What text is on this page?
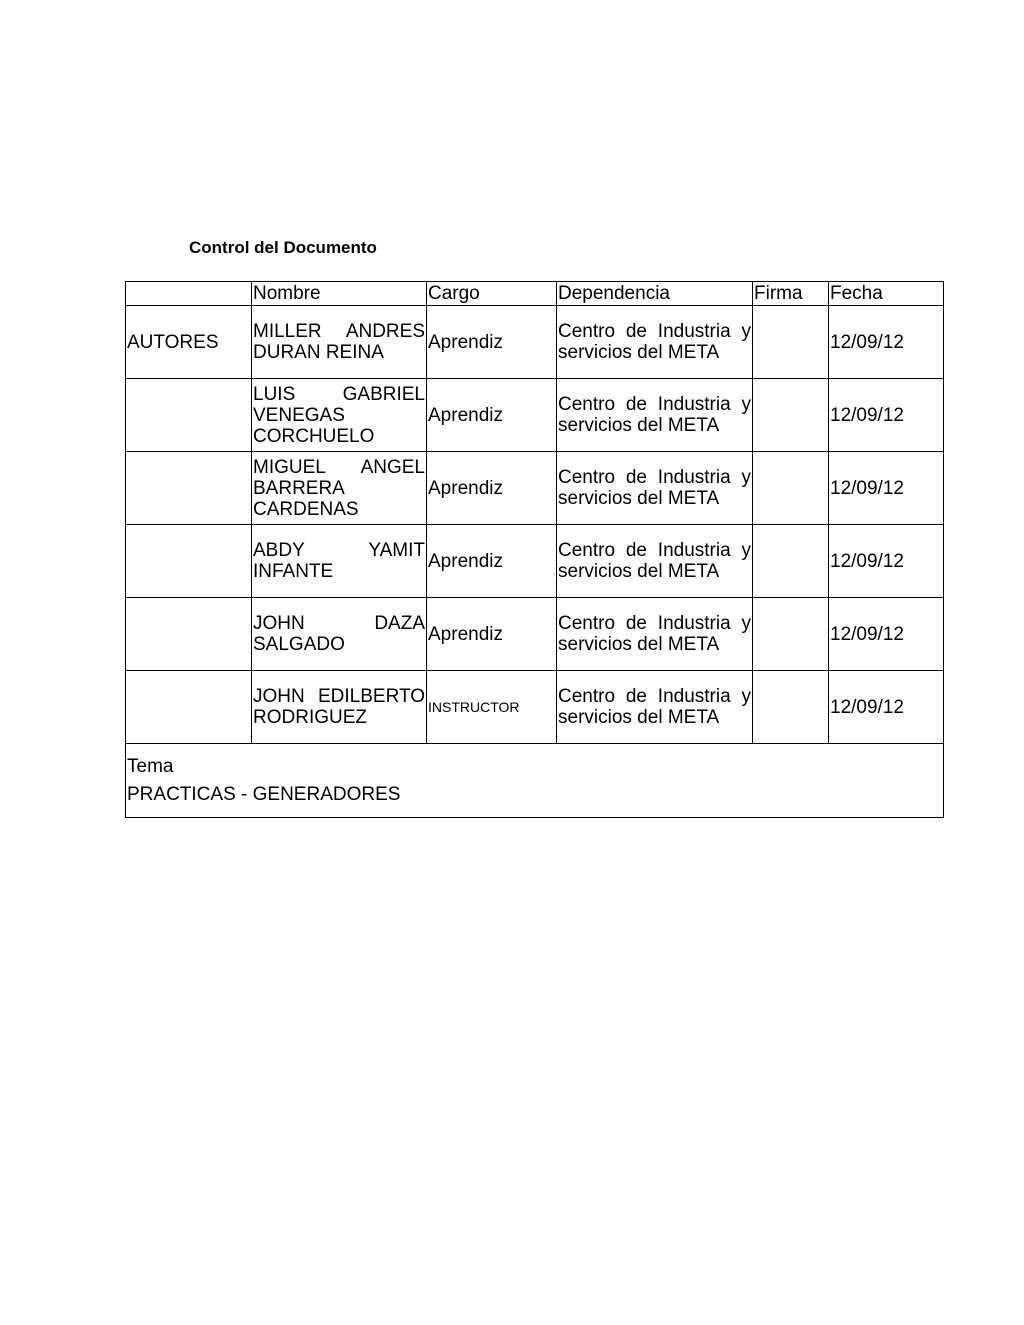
Control del Documento
	Nombre	Cargo	Dependencia	Firma	Fecha
AUTORES	MILLER ANDRES DURAN REINA	Aprendiz	Centro de Industria y servicios del META		12/09/12
	LUIS GABRIEL VENEGAS CORCHUELO	Aprendiz	Centro de Industria y servicios del META		12/09/12
	MIGUEL ANGEL BARRERA CARDENAS	Aprendiz	Centro de Industria y servicios del META		12/09/12
	ABDY YAMIT INFANTE	Aprendiz	Centro de Industria y servicios del META		12/09/12
	JOHN DAZA SALGADO	Aprendiz	Centro de Industria y servicios del META		12/09/12
	JOHN EDILBERTO RODRIGUEZ	INSTRUCTOR	Centro de Industria y servicios del META		12/09/12

Tema
PRACTICAS - GENERADORES					
